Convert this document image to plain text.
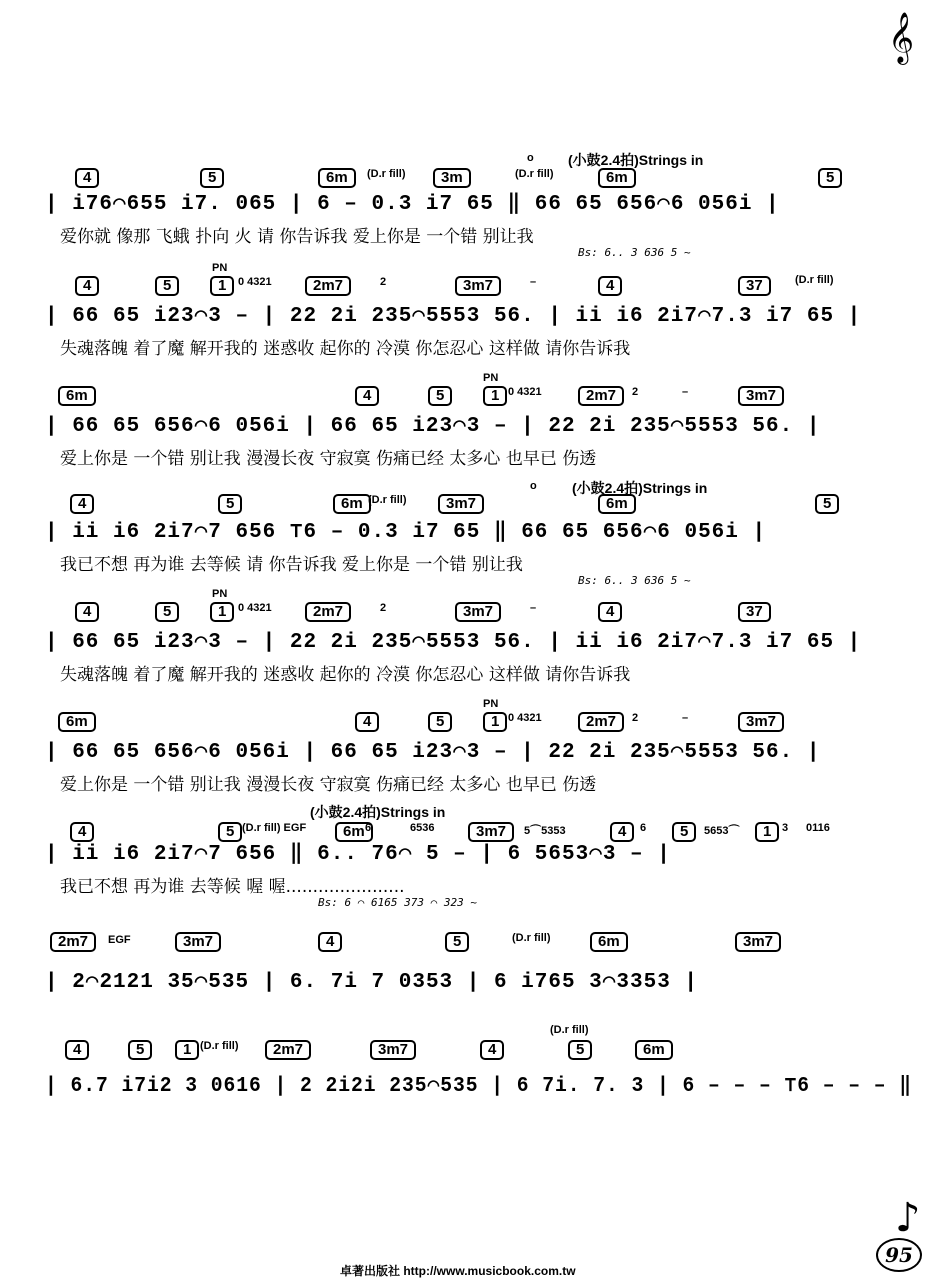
𝄞
4	5	6m	3m	6m	5
(D.r fill)
(小鼓2.4拍)Strings in
o
(D.r fill)
| i76⌒655 i7. 065 | 6 – 0.3 i7 65 ‖ 66 65 656⌒6 056i |
爱你就 像那 飞蛾 扑向 火 请 你告诉我 爱上你是 一个错 别让我
Bs: 6.. 3 636 5 ~
4	5	1	2m7	3m7	4	37
PN
0 4321	2	–	(D.r fill)
| 66 65 i23⌒3 – | 22 2i 235⌒5553 56. | ii i6 2i7⌒7.3 i7 65 |
失魂落魄 着了魔 解开我的 迷惑收 起你的 冷漠 你怎忍心 这样做 请你告诉我
6m	4	5	1	2m7	3m7
PN
0 4321	2	–
| 66 65 656⌒6 056i | 66 65 i23⌒3 – | 22 2i 235⌒5553 56. |
爱上你是 一个错 别让我 漫漫长夜 守寂寞 伤痛已经 太多心 也早已 伤透
4	5	6m	3m7	6m	5
(D.r fill)
(小鼓2.4拍)Strings in
o
| ii i6 2i7⌒7 656 ⊤6 – 0.3 i7 65 ‖ 66 65 656⌒6 056i |
我已不想 再为谁 去等候 请 你告诉我 爱上你是 一个错 别让我
Bs: 6.. 3 636 5 ~
4	5	1	2m7	3m7	4	37
PN
0 4321	2	–
| 66 65 i23⌒3 – | 22 2i 235⌒5553 56. | ii i6 2i7⌒7.3 i7 65 |
失魂落魄 着了魔 解开我的 迷惑收 起你的 冷漠 你怎忍心 这样做 请你告诉我
6m	4	5	1	2m7	3m7
PN
0 4321	2	–
| 66 65 656⌒6 056i | 66 65 i23⌒3 – | 22 2i 235⌒5553 56. |
爱上你是 一个错 别让我 漫漫长夜 守寂寞 伤痛已经 太多心 也早已 伤透
4	5	6m	3m7	4	5	1
(小鼓2.4拍)Strings in
(D.r fill) EGF	6	6536	5⌒5353	6	5653⌒	3 0116
| ii i6 2i7⌒7 656 ‖ 6.. 76⌒ 5 – | 6 5653⌒3 – |
我已不想 再为谁 去等候 喔 喔......................
Bs: 6 ⌒ 6165 373 ⌒ 323 ~
2m7	3m7	4	5	6m	3m7
EGF	(D.r fill)
| 2⌒2121 35⌒535 | 6. 7i 7 0353 | 6 i765 3⌒3353 |
4	5	1	2m7	3m7	4	5	6m
(D.r fill)
(D.r fill)
| 6.7 i7i2 3 0616 | 2 2i2i 235⌒535 | 6 7i. 7. 3 | 6 – – – ⊤6 – – – ‖
♪
95
卓著出版社 http://www.musicbook.com.tw
